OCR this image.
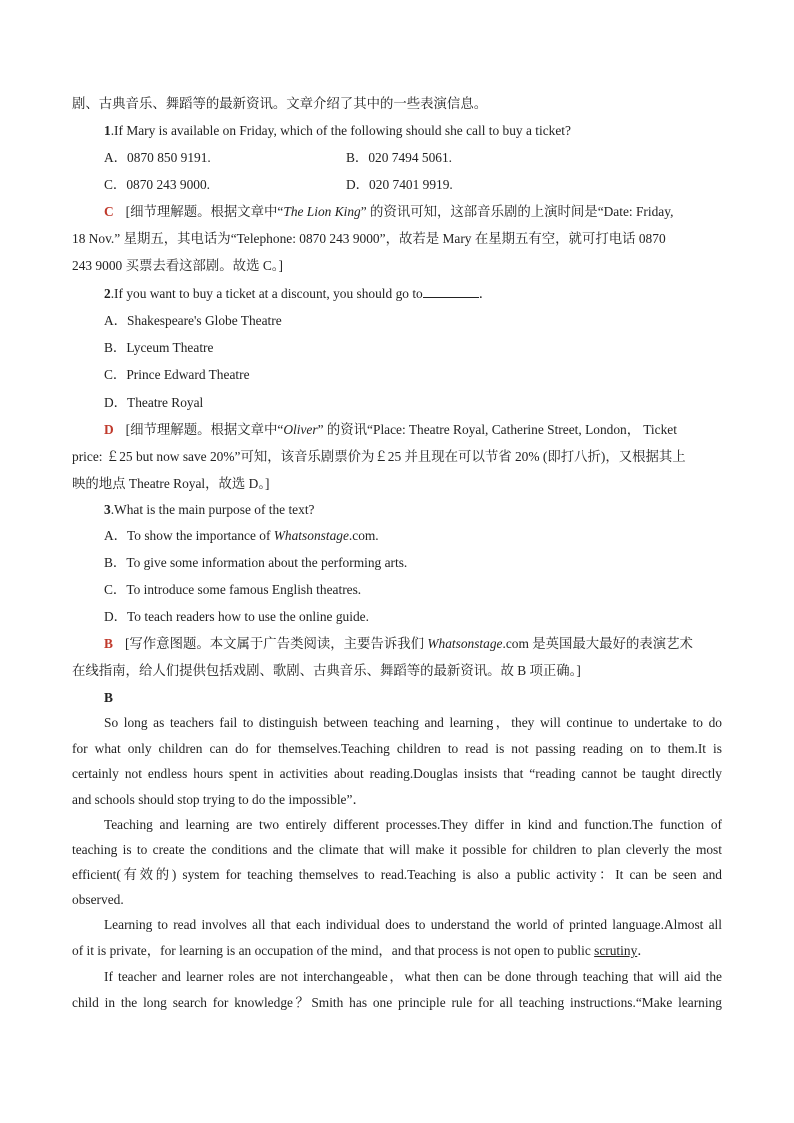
剧、古典音乐、舞蹈等的最新资讯。文章介绍了其中的一些表演信息。
1.If Mary is available on Friday, which of the following should she call to buy a ticket?
A．0870 850 9191.	B．020 7494 5061.
C．0870 243 9000.	D．020 7401 9919.
C [细节理解题。根据文章中“The Lion King” 的资讯可知，这部音乐剧的上演时间是“Date: Friday,
18 Nov.” 星期五，其电话为“Telephone: 0870 243 9000”，故若是 Mary 在星期五有空，就可打电话 0870
243 9000 买票去看这部剧。故选 C。]
2.If you want to buy a ticket at a discount, you should go to	．
A．Shakespeare's Globe Theatre
B．Lyceum Theatre
C．Prince Edward Theatre
D．Theatre Royal
D [细节理解题。根据文章中“Oliver” 的资讯“Place: Theatre Royal, Catherine Street, London， Ticket
price: ￡25 but now save 20%”可知，该音乐剧票价为￡25 并且现在可以节省 20% (即打八折)，又根据其上
映的地点 Theatre Royal，故选 D。]
3.What is the main purpose of the text?
A．To show the importance of Whatsonstage.com.
B．To give some information about the performing arts.
C．To introduce some famous English theatres.
D．To teach readers how to use the online guide.
B [写作意图题。本文属于广告类阅读，主要告诉我们 Whatsonstage.com 是英国最大最好的表演艺术
在线指南，给人们提供包括戏剧、歌剧、古典音乐、舞蹈等的最新资讯。故 B 项正确。]
B
So long as teachers fail to distinguish between teaching and learning，they will continue to undertake to do
for what only children can do for themselves.Teaching children to read is not passing reading on to them.It is
certainly not endless hours spent in activities about reading.Douglas insists that “reading cannot be taught directly
and schools should stop trying to do the impossible”．
Teaching and learning are two entirely different processes.They differ in kind and function.The function of
teaching is to create the conditions and the climate that will make it possible for children to plan cleverly the most
efficient(有效的) system for teaching themselves to read.Teaching is also a public activity：It can be seen and
observed.
Learning to read involves all that each individual does to understand the world of printed language.Almost all
of it is private，for learning is an occupation of the mind，and that process is not open to public scrutiny．
If teacher and learner roles are not interchangeable，what then can be done through teaching that will aid the
child in the long search for knowledge？Smith has one principle rule for all teaching instructions.“Make learning
